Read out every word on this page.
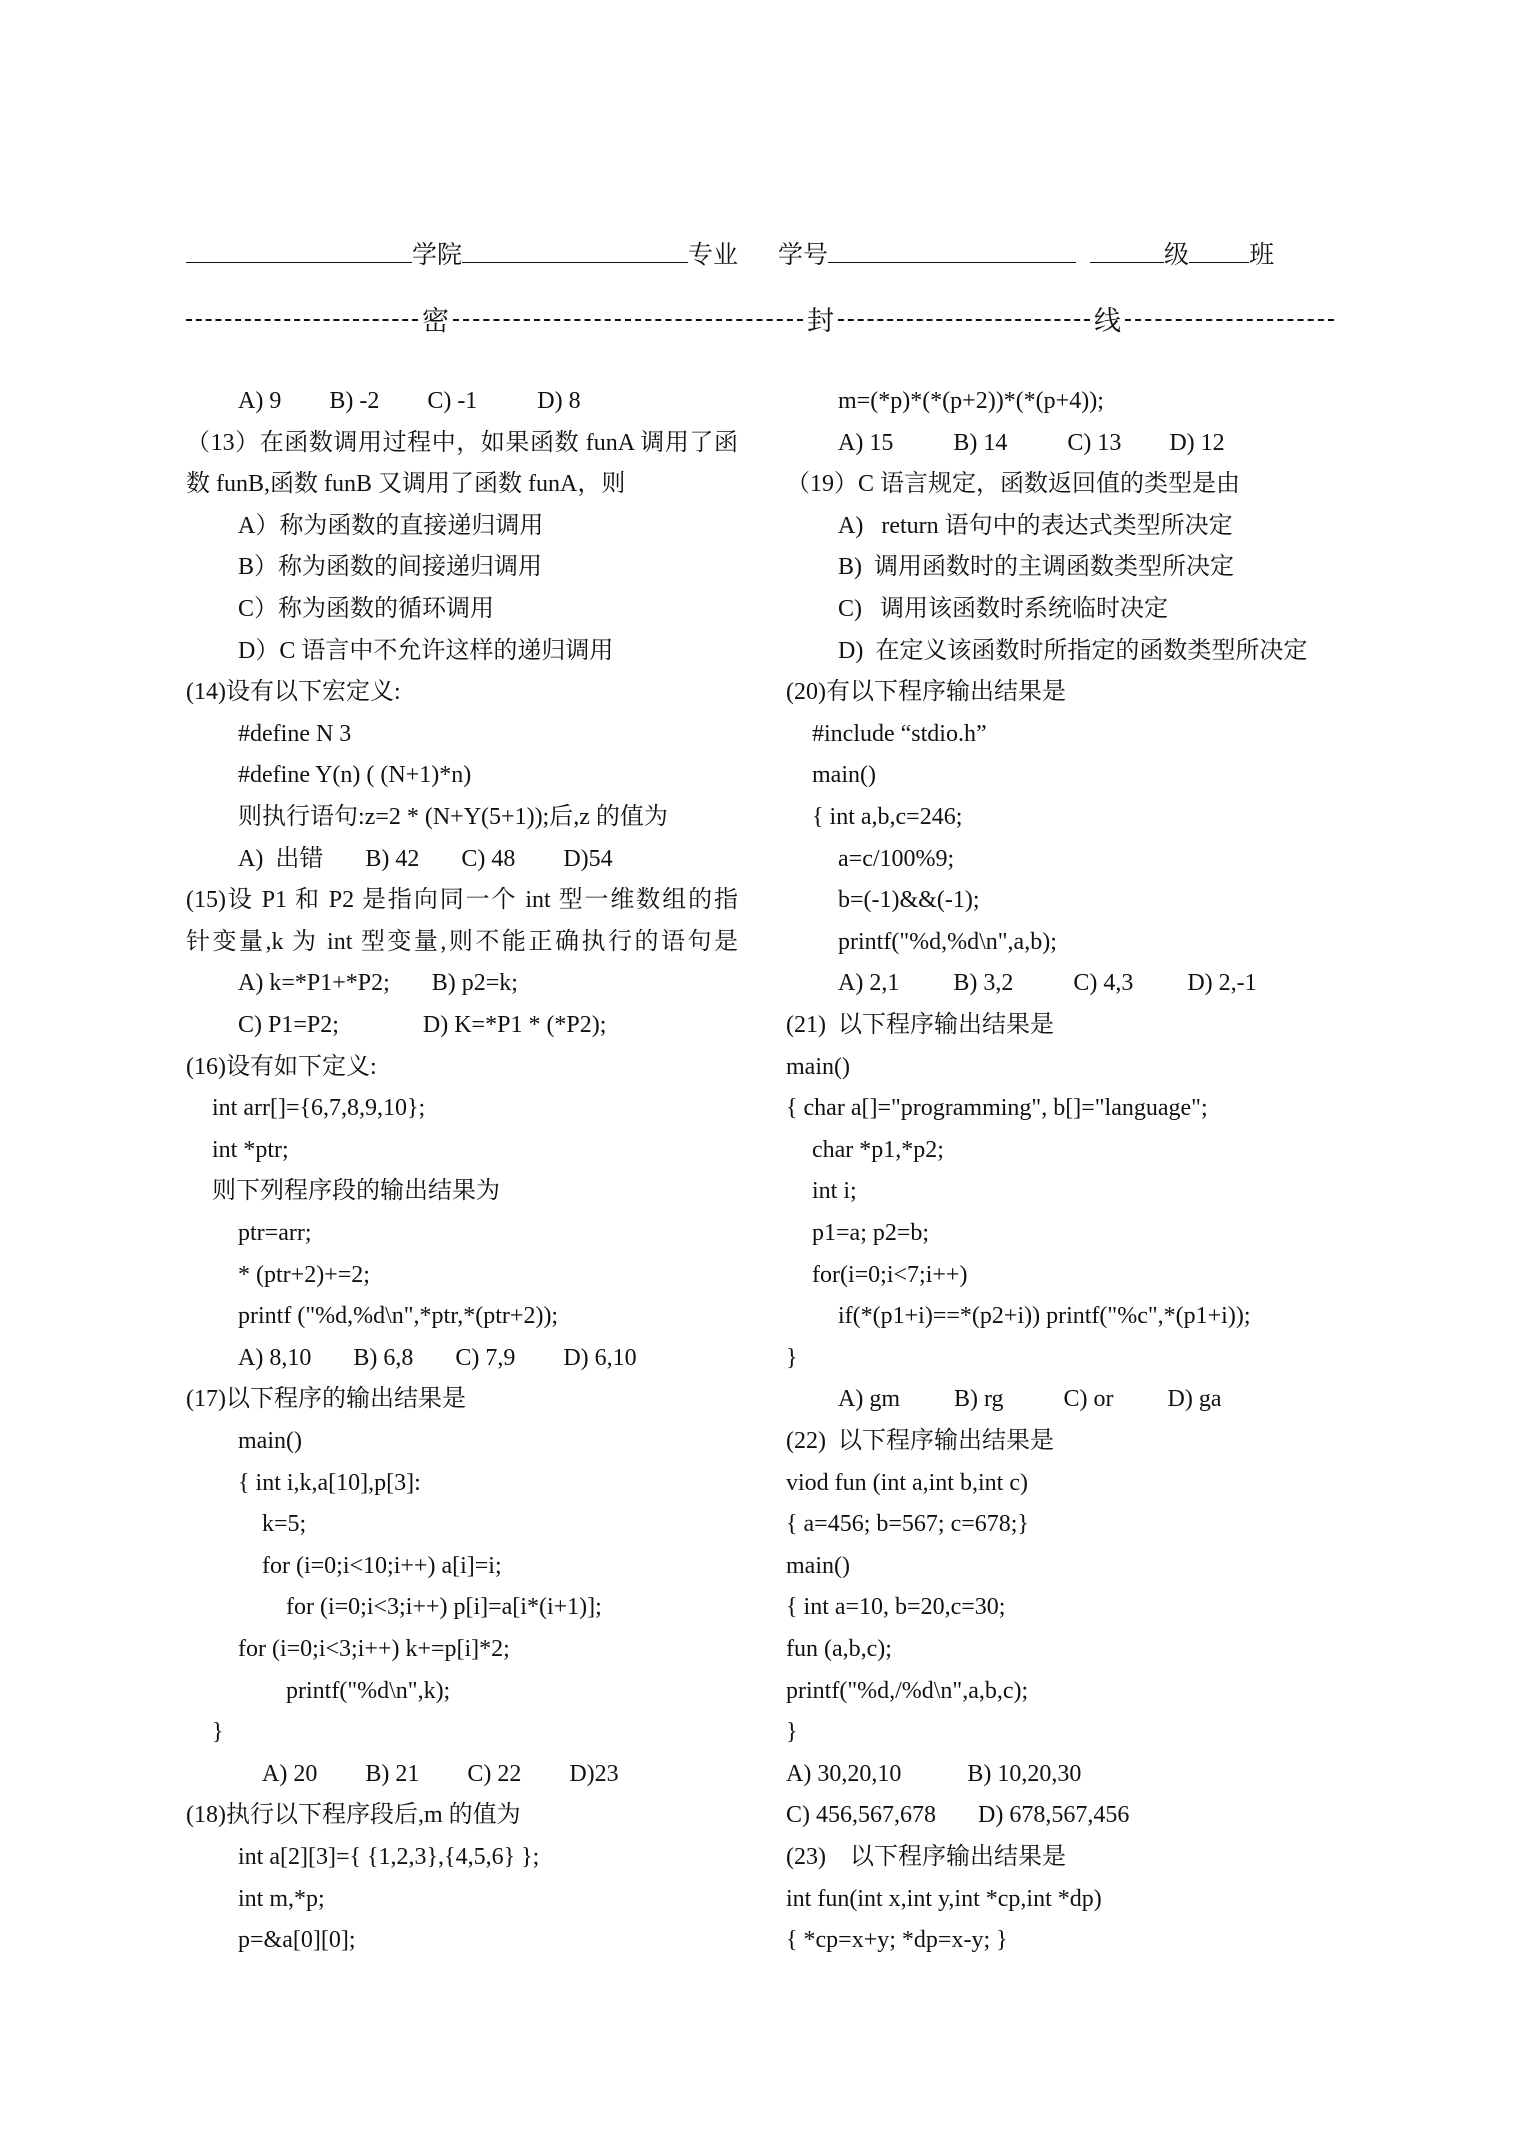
学院	专业 学号	级 班
密	封	线
A) 9        B) -2        C) -1          D) 8
（13）在函数调用过程中，如果函数 funA 调用了函
数 funB,函数 funB 又调用了函数 funA，则
A）称为函数的直接递归调用
B）称为函数的间接递归调用
C）称为函数的循环调用
D）C 语言中不允许这样的递归调用
(14)设有以下宏定义:
#define N 3
#define Y(n) ( (N+1)*n)
则执行语句:z=2 * (N+Y(5+1));后,z 的值为
A)  出错       B) 42       C) 48        D)54
(15)设 P1 和 P2 是指向同一个 int 型一维数组的指
针变量,k 为 int 型变量,则不能正确执行的语句是
A) k=*P1+*P2;       B) p2=k;
C) P1=P2;              D) K=*P1 * (*P2);
(16)设有如下定义:
int arr[]={6,7,8,9,10};
int *ptr;
则下列程序段的输出结果为
ptr=arr;
* (ptr+2)+=2;
printf ("%d,%d\n",*ptr,*(ptr+2));
A) 8,10       B) 6,8       C) 7,9        D) 6,10
(17)以下程序的输出结果是
main()
{ int i,k,a[10],p[3]:
k=5;
for (i=0;i<10;i++) a[i]=i;
for (i=0;i<3;i++) p[i]=a[i*(i+1)];
for (i=0;i<3;i++) k+=p[i]*2;
printf("%d\n",k);
}
A) 20        B) 21        C) 22        D)23
(18)执行以下程序段后,m 的值为
int a[2][3]={ {1,2,3},{4,5,6} };
int m,*p;
p=&a[0][0];
m=(*p)*(*(p+2))*(*(p+4));
A) 15          B) 14          C) 13        D) 12
（19）C 语言规定，函数返回值的类型是由
A)   return 语句中的表达式类型所决定
B)  调用函数时的主调函数类型所决定
C)   调用该函数时系统临时决定
D)  在定义该函数时所指定的函数类型所决定
(20)有以下程序输出结果是
#include “stdio.h”
main()
{ int a,b,c=246;
a=c/100%9;
b=(-1)&&(-1);
printf("%d,%d\n",a,b);
A) 2,1         B) 3,2          C) 4,3         D) 2,-1
(21)  以下程序输出结果是
main()
{ char a[]="programming", b[]="language";
char *p1,*p2;
int i;
p1=a; p2=b;
for(i=0;i<7;i++)
if(*(p1+i)==*(p2+i)) printf("%c",*(p1+i));
}
A) gm         B) rg          C) or         D) ga
(22)  以下程序输出结果是
viod fun (int a,int b,int c)
{ a=456; b=567; c=678;}
main()
{ int a=10, b=20,c=30;
fun (a,b,c);
printf("%d,/%d\n",a,b,c);
}
A) 30,20,10           B) 10,20,30
C) 456,567,678       D) 678,567,456
(23)    以下程序输出结果是
int fun(int x,int y,int *cp,int *dp)
{ *cp=x+y; *dp=x-y; }
